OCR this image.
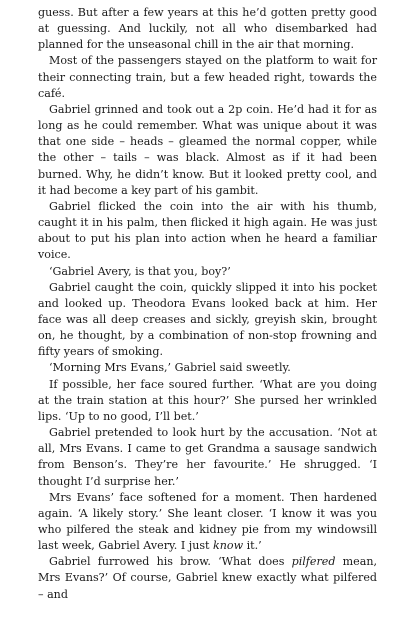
guess. But after a few years at this he’d gotten pretty good at guessing. And luckily, not all who disembarked had planned for the unseasonal chill in the air that morning.

Most of the passengers stayed on the platform to wait for their connecting train, but a few headed right, towards the café.

Gabriel grinned and took out a 2p coin. He’d had it for as long as he could remember. What was unique about it was that one side – heads – gleamed the normal copper, while the other – tails – was black. Almost as if it had been burned. Why, he didn’t know. But it looked pretty cool, and it had become a key part of his gambit.

Gabriel flicked the coin into the air with his thumb, caught it in his palm, then flicked it high again. He was just about to put his plan into action when he heard a familiar voice.

‘Gabriel Avery, is that you, boy?’

Gabriel caught the coin, quickly slipped it into his pocket and looked up. Theodora Evans looked back at him. Her face was all deep creases and sickly, greyish skin, brought on, he thought, by a combination of non-stop frowning and fifty years of smoking.

‘Morning Mrs Evans,’ Gabriel said sweetly.

If possible, her face soured further. ‘What are you doing at the train station at this hour?’ She pursed her wrinkled lips. ‘Up to no good, I’ll bet.’

Gabriel pretended to look hurt by the accusation. ‘Not at all, Mrs Evans. I came to get Grandma a sausage sandwich from Benson’s. They’re her favourite.’ He shrugged. ‘I thought I’d surprise her.’

Mrs Evans’ face softened for a moment. Then hardened again. ‘A likely story.’ She leant closer. ‘I know it was you who pilfered the steak and kidney pie from my windowsill last week, Gabriel Avery. I just know it.’

Gabriel furrowed his brow. ‘What does pilfered mean, Mrs Evans?’ Of course, Gabriel knew exactly what pilfered – and
